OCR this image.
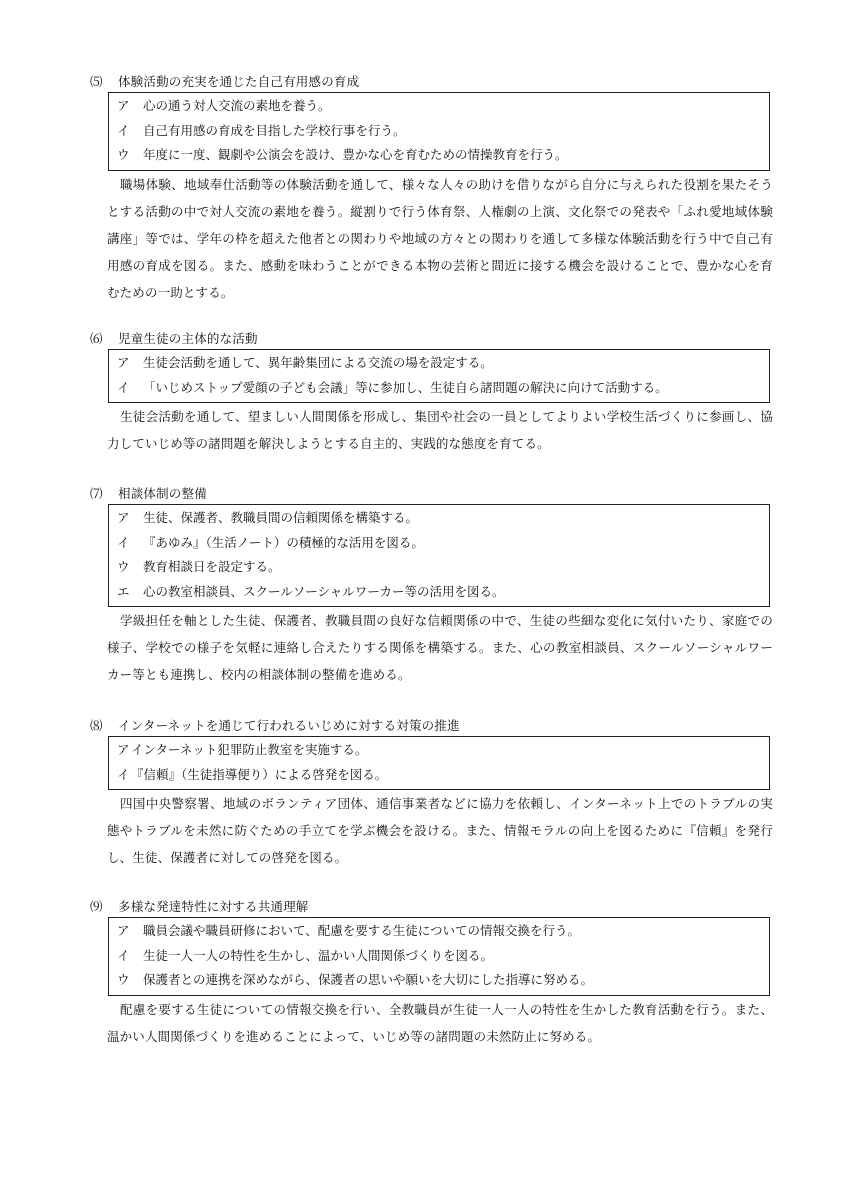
⑸ 体験活動の充実を通じた自己有用感の育成
ア 心の通う対人交流の素地を養う。
イ 自己有用感の育成を目指した学校行事を行う。
ウ 年度に一度、観劇や公演会を設け、豊かな心を育むための情操教育を行う。
職場体験、地域奉仕活動等の体験活動を通して、様々な人々の助けを借りながら自分に与えられた役割を果たそうとする活動の中で対人交流の素地を養う。縦割りで行う体育祭、人権劇の上演、文化祭での発表や「ふれ愛地域体験講座」等では、学年の枠を超えた他者との関わりや地域の方々との関わりを通して多様な体験活動を行う中で自己有用感の育成を図る。また、感動を味わうことができる本物の芸術と間近に接する機会を設けることで、豊かな心を育むための一助とする。
⑹ 児童生徒の主体的な活動
ア 生徒会活動を通して、異年齢集団による交流の場を設定する。
イ 「いじめストップ愛顔の子ども会議」等に参加し、生徒自ら諸問題の解決に向けて活動する。
生徒会活動を通して、望ましい人間関係を形成し、集団や社会の一員としてよりよい学校生活づくりに参画し、協力していじめ等の諸問題を解決しようとする自主的、実践的な態度を育てる。
⑺ 相談体制の整備
ア 生徒、保護者、教職員間の信頼関係を構築する。
イ 『あゆみ』（生活ノート）の積極的な活用を図る。
ウ 教育相談日を設定する。
エ 心の教室相談員、スクールソーシャルワーカー等の活用を図る。
学級担任を軸とした生徒、保護者、教職員間の良好な信頼関係の中で、生徒の些細な変化に気付いたり、家庭での様子、学校での様子を気軽に連絡し合えたりする関係を構築する。また、心の教室相談員、スクールソーシャルワーカー等とも連携し、校内の相談体制の整備を進める。
⑻ インターネットを通じて行われるいじめに対する対策の推進
アインターネット犯罪防止教室を実施する。
イ『信頼』（生徒指導便り）による啓発を図る。
四国中央警察署、地域のボランティア団体、通信事業者などに協力を依頼し、インターネット上でのトラブルの実態やトラブルを未然に防ぐための手立てを学ぶ機会を設ける。また、情報モラルの向上を図るために『信頼』を発行し、生徒、保護者に対しての啓発を図る。
⑼ 多様な発達特性に対する共通理解
ア 職員会議や職員研修において、配慮を要する生徒についての情報交換を行う。
イ 生徒一人一人の特性を生かし、温かい人間関係づくりを図る。
ウ 保護者との連携を深めながら、保護者の思いや願いを大切にした指導に努める。
配慮を要する生徒についての情報交換を行い、全教職員が生徒一人一人の特性を生かした教育活動を行う。また、温かい人間関係づくりを進めることによって、いじめ等の諸問題の未然防止に努める。
